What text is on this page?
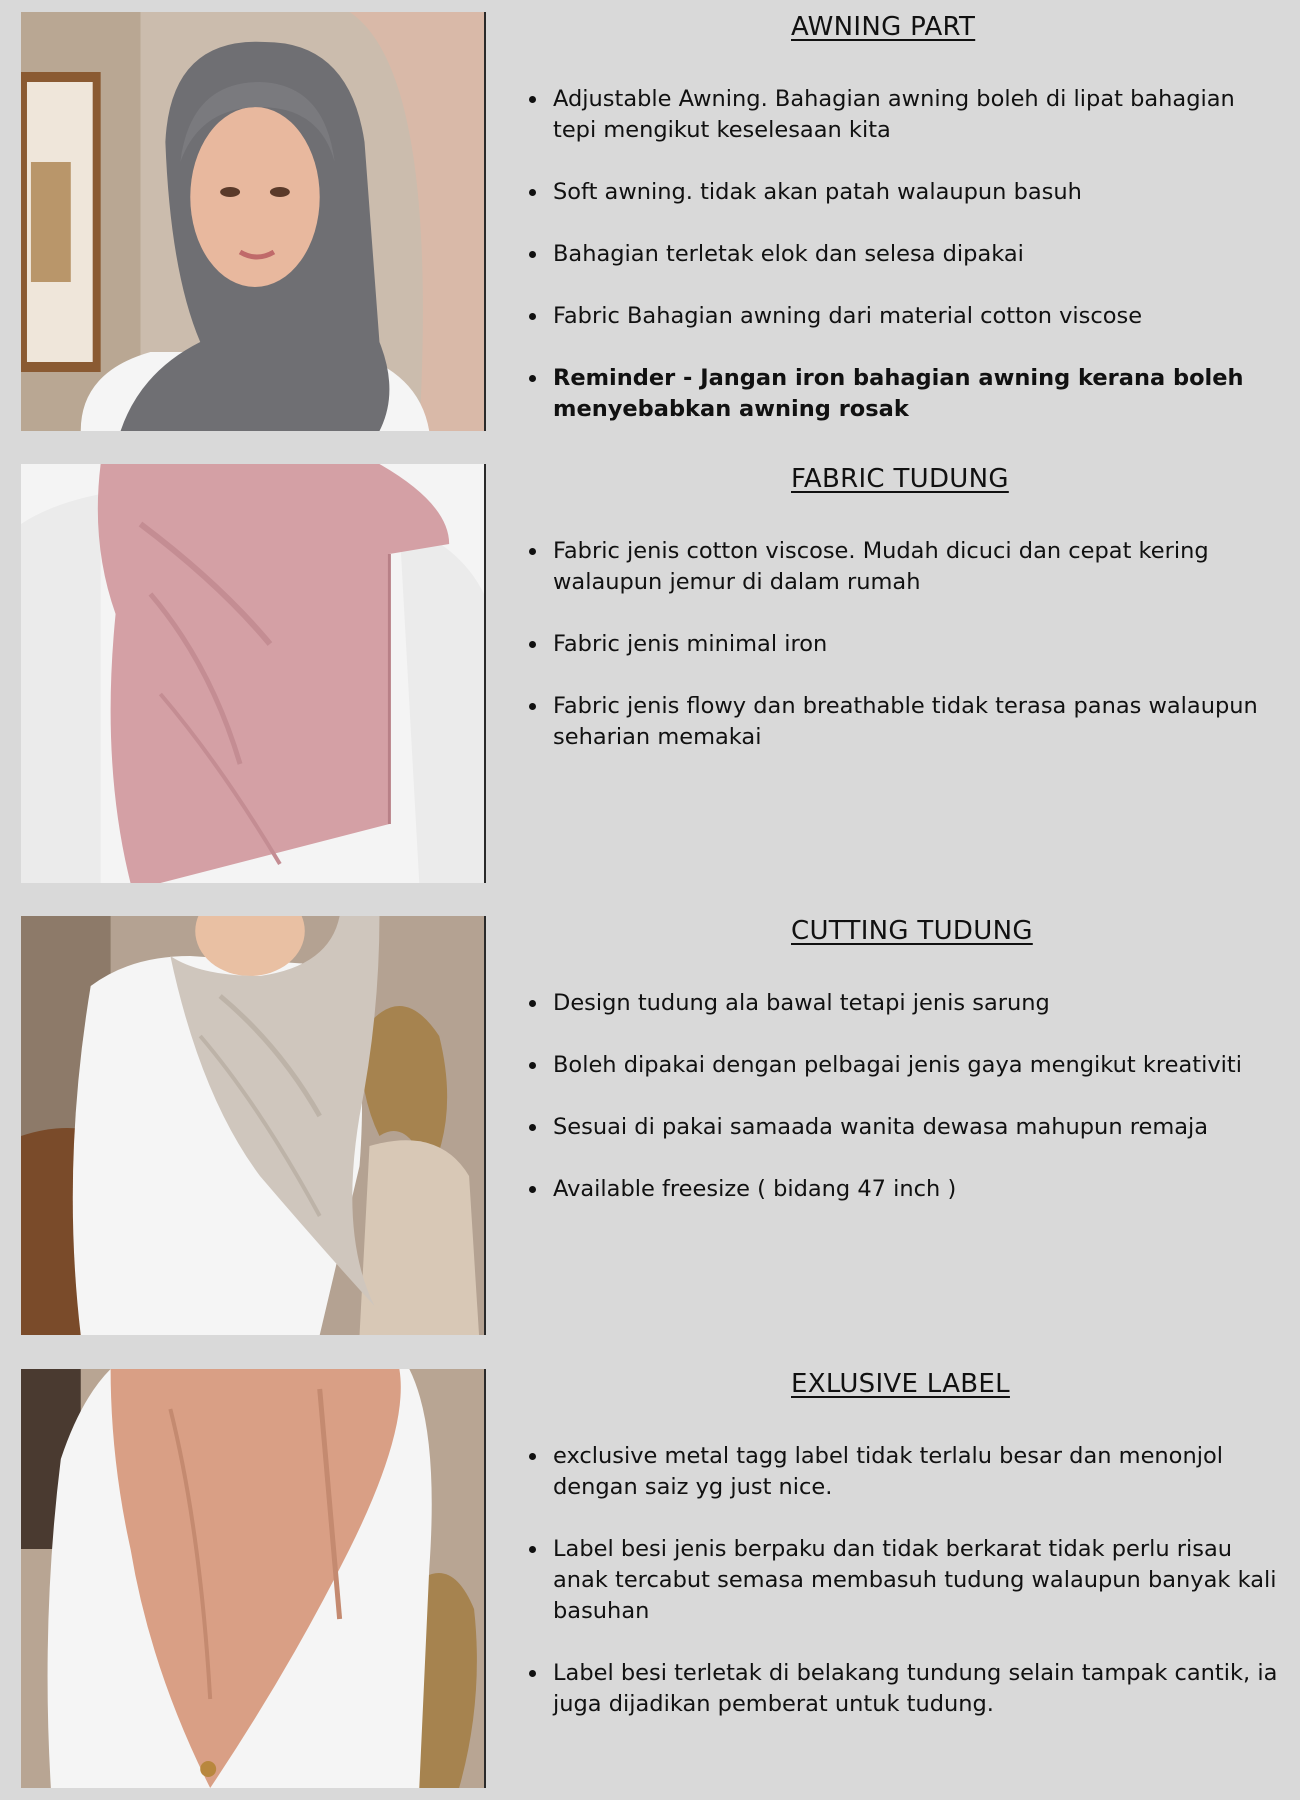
AWNING PART
• Adjustable Awning. Bahagian awning boleh di lipat bahagian tepi mengikut keselesaan kita
• Soft awning. tidak akan patah walaupun basuh
• Bahagian terletak elok dan selesa dipakai
• Fabric Bahagian awning dari material cotton viscose
• Reminder - Jangan iron bahagian awning kerana boleh menyebabkan awning rosak
FABRIC TUDUNG
• Fabric jenis cotton viscose. Mudah dicuci dan cepat kering walaupun jemur di dalam rumah
• Fabric jenis minimal iron
• Fabric jenis flowy dan breathable tidak terasa panas walaupun seharian memakai
CUTTING TUDUNG
• Design tudung ala bawal tetapi jenis sarung
• Boleh dipakai dengan pelbagai jenis gaya mengikut kreativiti
• Sesuai di pakai samaada wanita dewasa mahupun remaja
• Available freesize ( bidang 47 inch )
EXLUSIVE LABEL
• exclusive metal tagg label tidak terlalu besar dan menonjol dengan saiz yg just nice.
• Label besi jenis berpaku dan tidak berkarat tidak perlu risau anak tercabut semasa membasuh tudung walaupun banyak kali basuhan
• Label besi terletak di belakang tundung selain tampak cantik, ia juga dijadikan pemberat untuk tudung.
